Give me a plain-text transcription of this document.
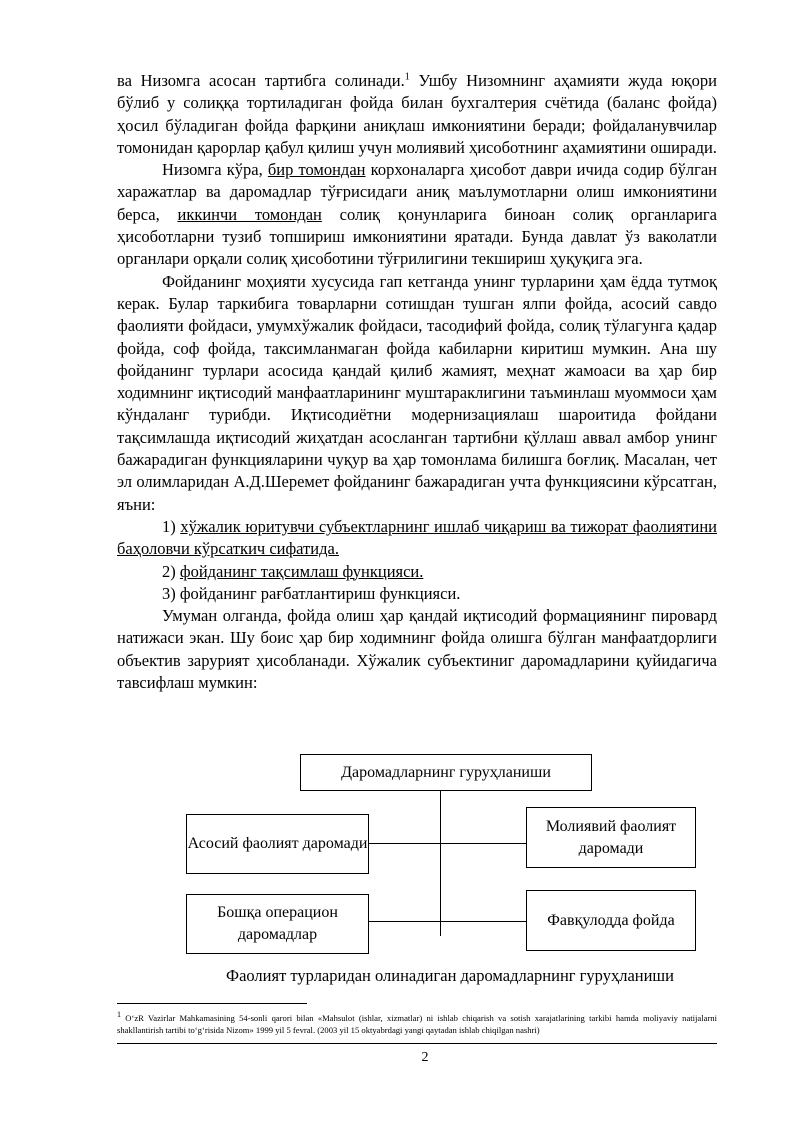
ва Низомга асосан тартибга солинади.$^1$ Ушбу Низомнинг аҳамияти жуда юқори бўлиб у солиққа тортиладиган фойда билан бухгалтерия счётида (баланс фойда) ҳосил бўладиган фойда фарқини аниқлаш имкониятини беради; фойдаланувчилар томонидан қарорлар қабул қилиш учун молиявий ҳисоботнинг аҳамиятини оширади.

Низомга кўра, бир томондан корхоналарга ҳисобот даври ичида содир бўлган харажатлар ва даромадлар тўғрисидаги аниқ маълумотларни олиш имкониятини берса, иккинчи томондан солиқ қонунларига биноан солиқ органларига ҳисоботларни тузиб топшириш имкониятини яратади. Бунда давлат ўз ваколатли органлари орқали солиқ ҳисоботини тўғрилигини текшириш ҳуқуқига эга.

Фойданинг моҳияти хусусида гап кетганда унинг турларини ҳам ёдда тутмоқ керак. Булар таркибига товарларни сотишдан тушган ялпи фойда, асосий савдо фаолияти фойдаси, умумхўжалик фойдаси, тасодифий фойда, солиқ тўлагунга қадар фойда, соф фойда, таксимланмаган фойда кабиларни киритиш мумкин. Ана шу фойданинг турлари асосида қандай қилиб жамият, меҳнат жамоаси ва ҳар бир ходимнинг иқтисодий манфаатларининг муштараклигини таъминлаш муоммоси ҳам кўндаланг турибди. Иқтисодиётни модернизациялаш шароитида фойдани тақсимлашда иқтисодий жиҳатдан асосланган тартибни қўллаш аввал амбор унинг бажарадиган функцияларини чуқур ва ҳар томонлама билишга боғлиқ. Масалан, чет эл олимларидан А.Д.Шеремет фойданинг бажарадиган учта функциясини кўрсатган, яъни:

1) хўжалик юритувчи субъектларнинг ишлаб чиқариш ва тижорат фаолиятини баҳоловчи кўрсаткич сифатида.

2) фойданинг тақсимлаш функцияси.

3) фойданинг рағбатлантириш функцияси.

Умуман олганда, фойда олиш ҳар қандай иқтисодий формациянинг пировард натижаси экан. Шу боис ҳар бир ходимнинг фойда олишга бўлган манфаатдорлиги объектив зарурият ҳисобланади. Хўжалик субъектиниг даромадларини қуйидагича тавсифлаш мумкин:

Даромадларнинг гуруҳланиши
Асосий фаолият даромади
Молиявий фаолият даромади
Бошқа операцион даромадлар
Фавқулодда фойда
Фаолият турларидан олинадиган даромадларнинг гуруҳланиши
$^1$ O‘zR Vazirlar Mahkamasining 54-sonli qarori bilan «Mahsulot (ishlar, xizmatlar) ni ishlab chiqarish va sotish xarajatlarining tarkibi hamda moliyaviy natijalarni shakllantirish tartibi to‘g‘risida Nizom» 1999 yil 5 fevral. (2003 yil 15 oktyabrdagi yangi qaytadan ishlab chiqilgan nashri)
2
